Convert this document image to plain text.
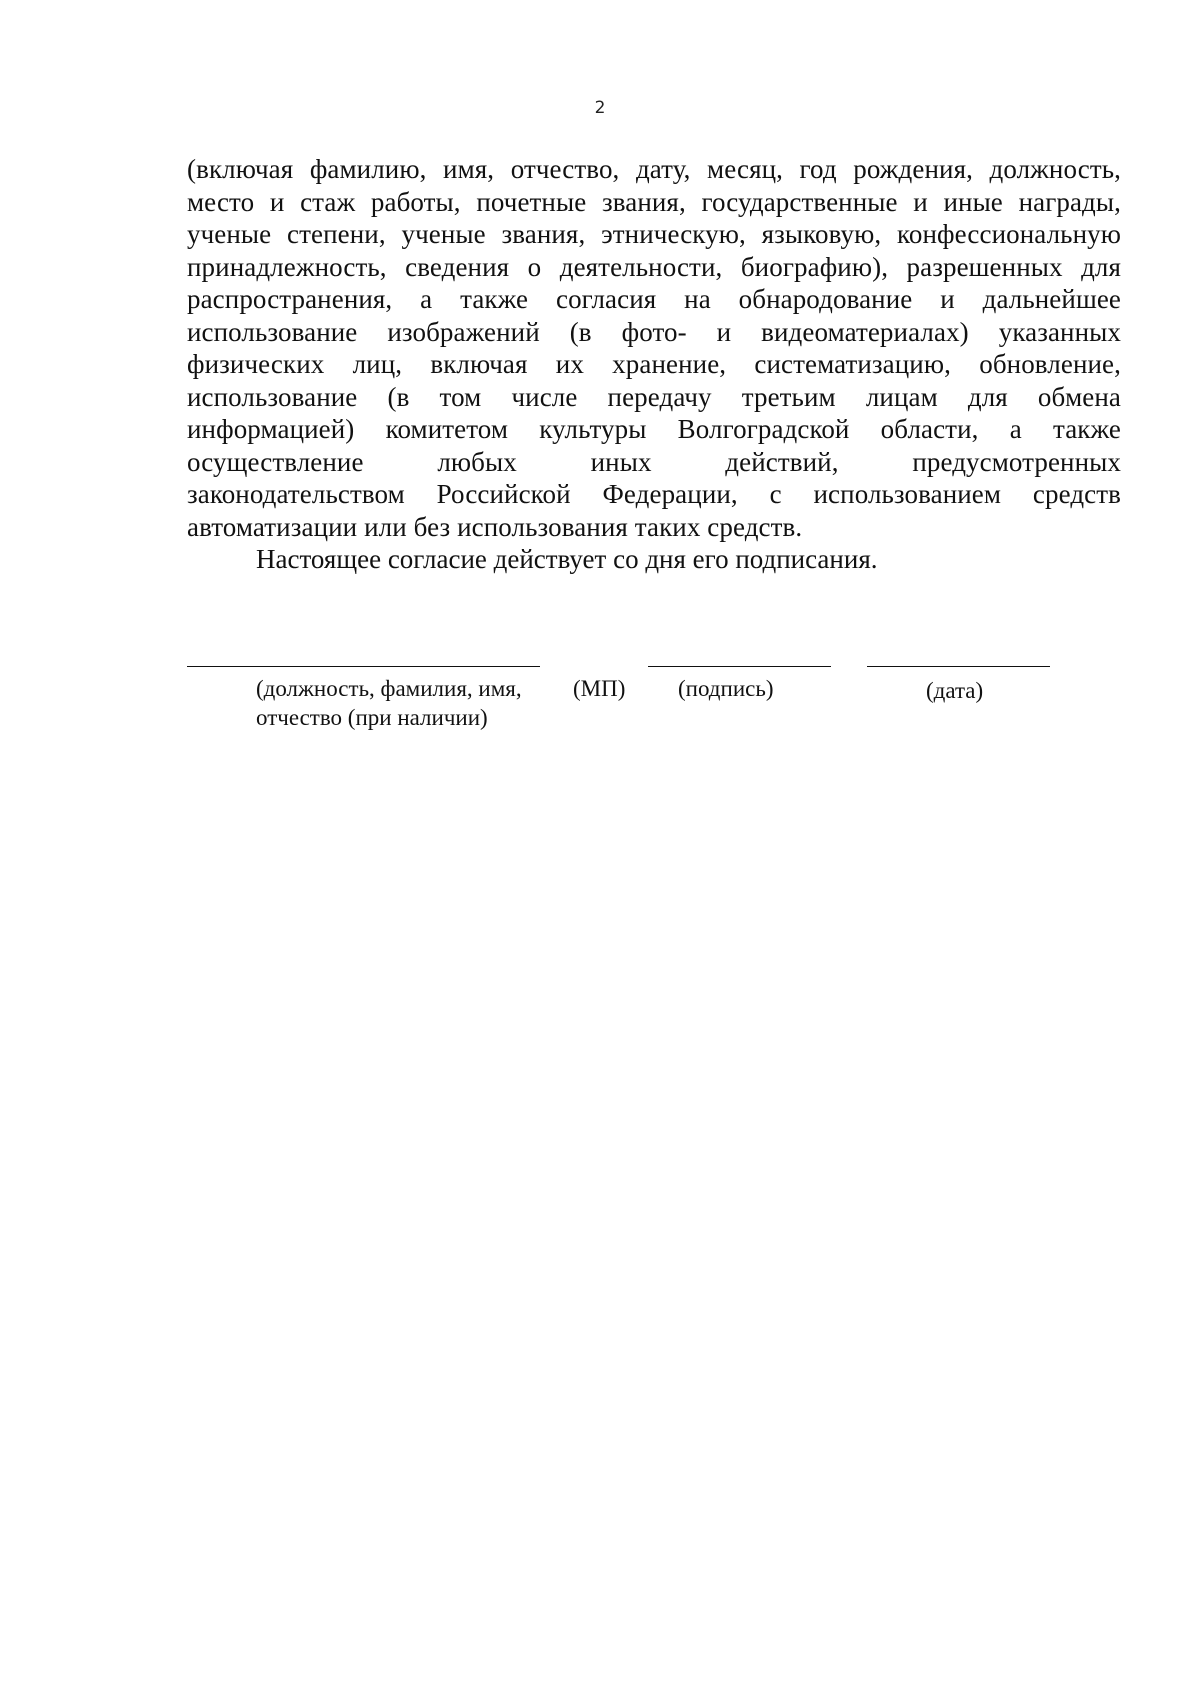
2
(включая фамилию, имя, отчество, дату, месяц, год рождения, должность,
место и стаж работы, почетные звания, государственные и иные награды,
ученые степени, ученые звания, этническую, языковую, конфессиональную
принадлежность, сведения о деятельности, биографию), разрешенных для
распространения, а также согласия на обнародование и дальнейшее
использование изображений (в фото- и видеоматериалах) указанных
физических лиц, включая их хранение, систематизацию, обновление,
использование (в том числе передачу третьим лицам для обмена
информацией) комитетом культуры Волгоградской области, а также
осуществление любых иных действий, предусмотренных
законодательством Российской Федерации, с использованием средств
автоматизации или без использования таких средств.
Настоящее согласие действует со дня его подписания.
(должность, фамилия, имя,
отчество (при наличии)
(МП) (подпись)	(дата)
